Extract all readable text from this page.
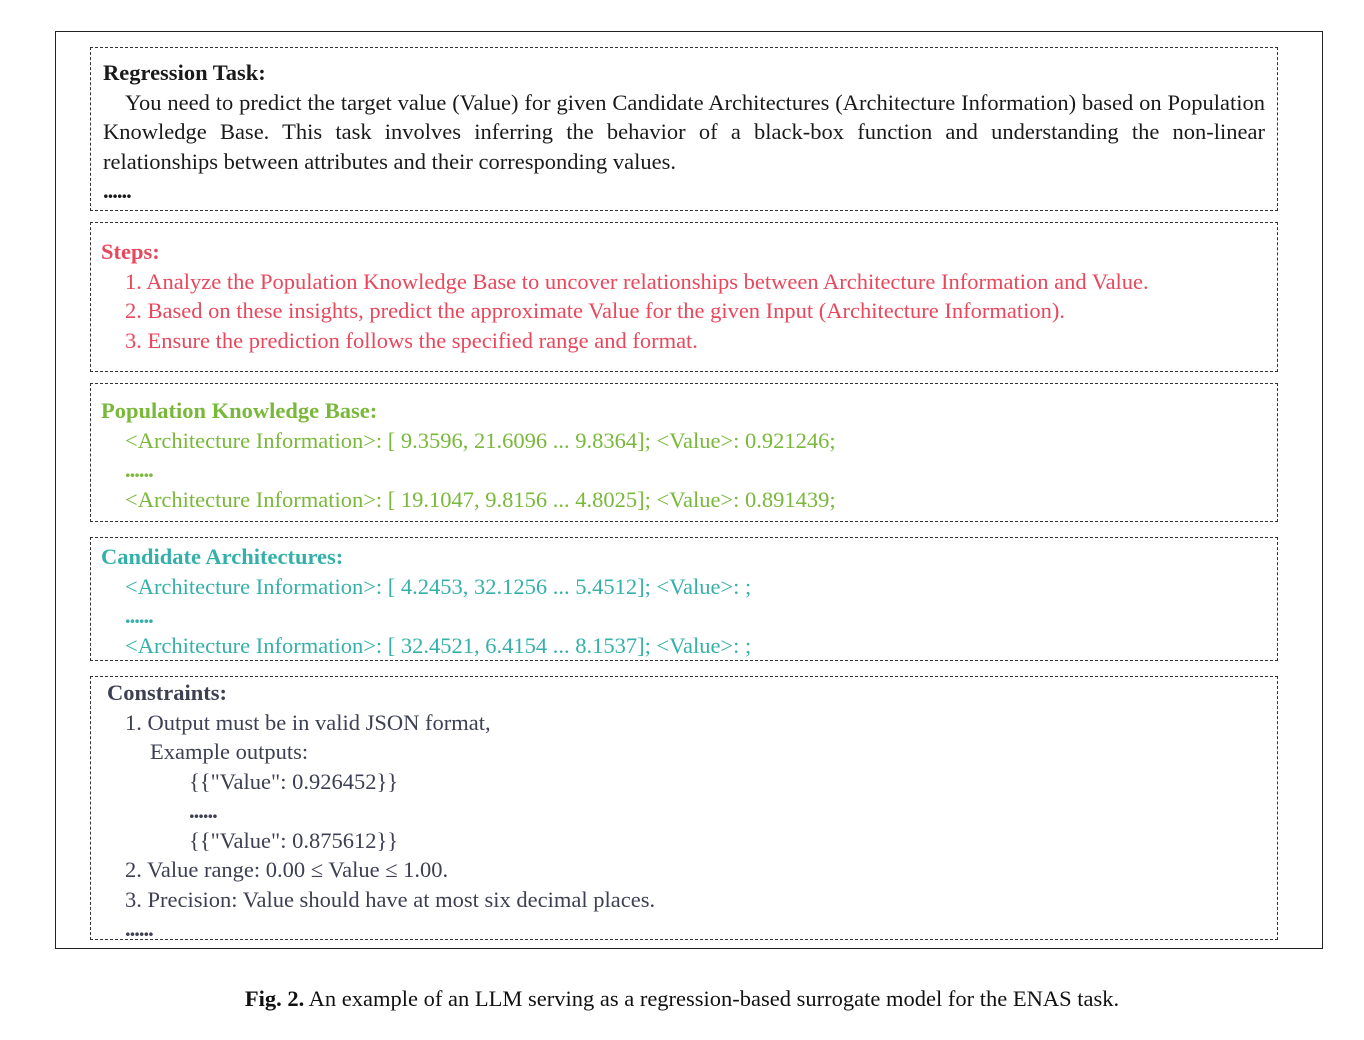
Regression Task:

You need to predict the target value (Value) for given Candidate Architectures (Architecture Information) based on Population Knowledge Base. This task involves inferring the behavior of a black-box function and understanding the non-linear relationships between attributes and their corresponding values.

......

Steps:

1. Analyze the Population Knowledge Base to uncover relationships between Architecture Information and Value.

2. Based on these insights, predict the approximate Value for the given Input (Architecture Information).

3. Ensure the prediction follows the specified range and format.

Population Knowledge Base:

<Architecture Information>: [ 9.3596, 21.6096 ... 9.8364]; <Value>: 0.921246;

......

<Architecture Information>: [ 19.1047, 9.8156 ... 4.8025]; <Value>: 0.891439;

Candidate Architectures:

<Architecture Information>: [ 4.2453, 32.1256 ... 5.4512]; <Value>: ;

......

<Architecture Information>: [ 32.4521, 6.4154 ... 8.1537]; <Value>: ;

Constraints:

1. Output must be in valid JSON format,

Example outputs:

{{"Value": 0.926452}}

......

{{"Value": 0.875612}}

2. Value range: 0.00 ≤ Value ≤ 1.00.

3. Precision: Value should have at most six decimal places.

......

Fig. 2. An example of an LLM serving as a regression-based surrogate model for the ENAS task.
